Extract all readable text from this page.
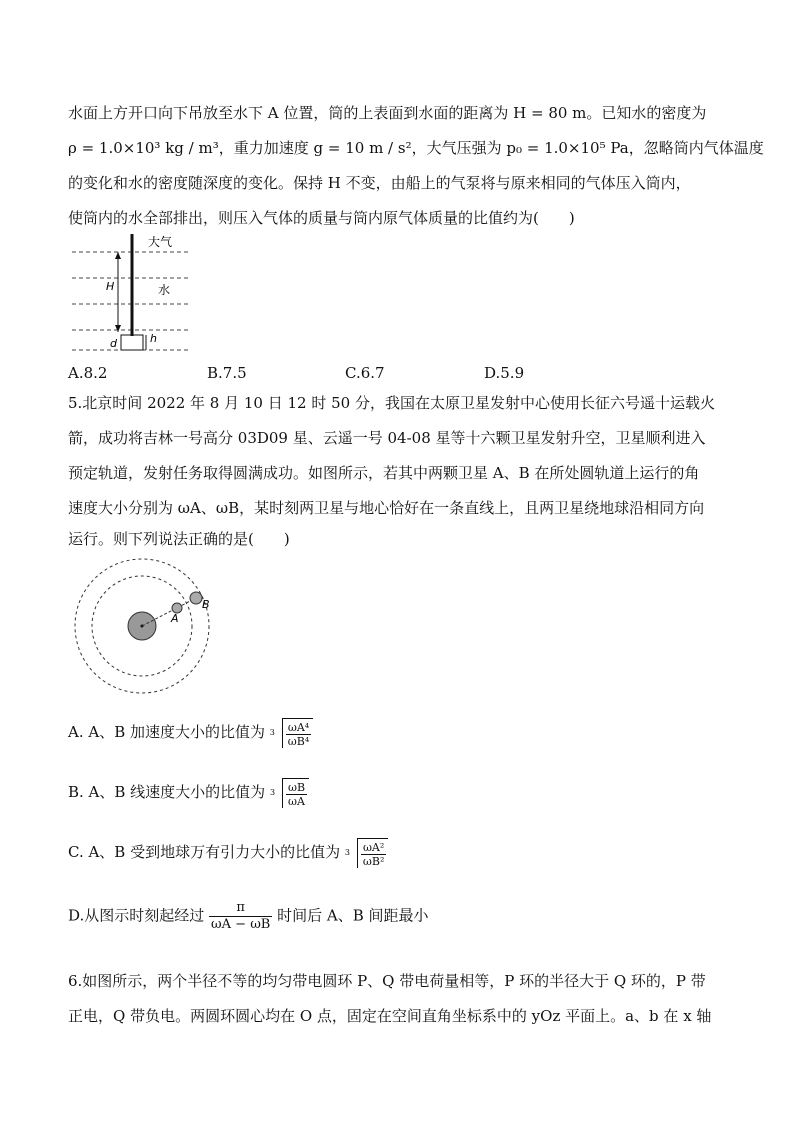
水面上方开口向下吊放至水下 A 位置，筒的上表面到水面的距离为 H = 80 m。已知水的密度为
ρ = 1.0×10³ kg / m³，重力加速度 g = 10 m / s²，大气压强为 p₀ = 1.0×10⁵ Pa，忽略筒内气体温度
的变化和水的密度随深度的变化。保持 H 不变，由船上的气泵将与原来相同的气体压入筒内，
使筒内的水全部排出，则压入气体的质量与筒内原气体质量的比值约为(　　)
大气
水
H
d	h
A.8.2	B.7.5	C.6.7	D.5.9
5.北京时间 2022 年 8 月 10 日 12 时 50 分，我国在太原卫星发射中心使用长征六号遥十运载火
箭，成功将吉林一号高分 03D09 星、云遥一号 04-08 星等十六颗卫星发射升空，卫星顺利进入
预定轨道，发射任务取得圆满成功。如图所示，若其中两颗卫星 A、B 在所处圆轨道上运行的角
速度大小分别为 ωA、ωB，某时刻两卫星与地心恰好在一条直线上，且两卫星绕地球沿相同方向
运行。则下列说法正确的是(　　)
A
B
A. A、B 加速度大小的比值为 $3 \frac{\text{ωA⁴}}{\text{ωB⁴}}$
B. A、B 线速度大小的比值为 $3 \frac{\omega B}{\omega A}$
C. A、B 受到地球万有引力大小的比值为 $3 \frac{\text{ωA²}}{\text{ωB²}}$
D.从图示时刻起经过 $\frac{\pi}{\omega A - \omega B}$ 时间后 A、B 间距最小
6.如图所示，两个半径不等的均匀带电圆环 P、Q 带电荷量相等，P 环的半径大于 Q 环的，P 带
正电，Q 带负电。两圆环圆心均在 O 点，固定在空间直角坐标系中的 yOz 平面上。a、b 在 x 轴
